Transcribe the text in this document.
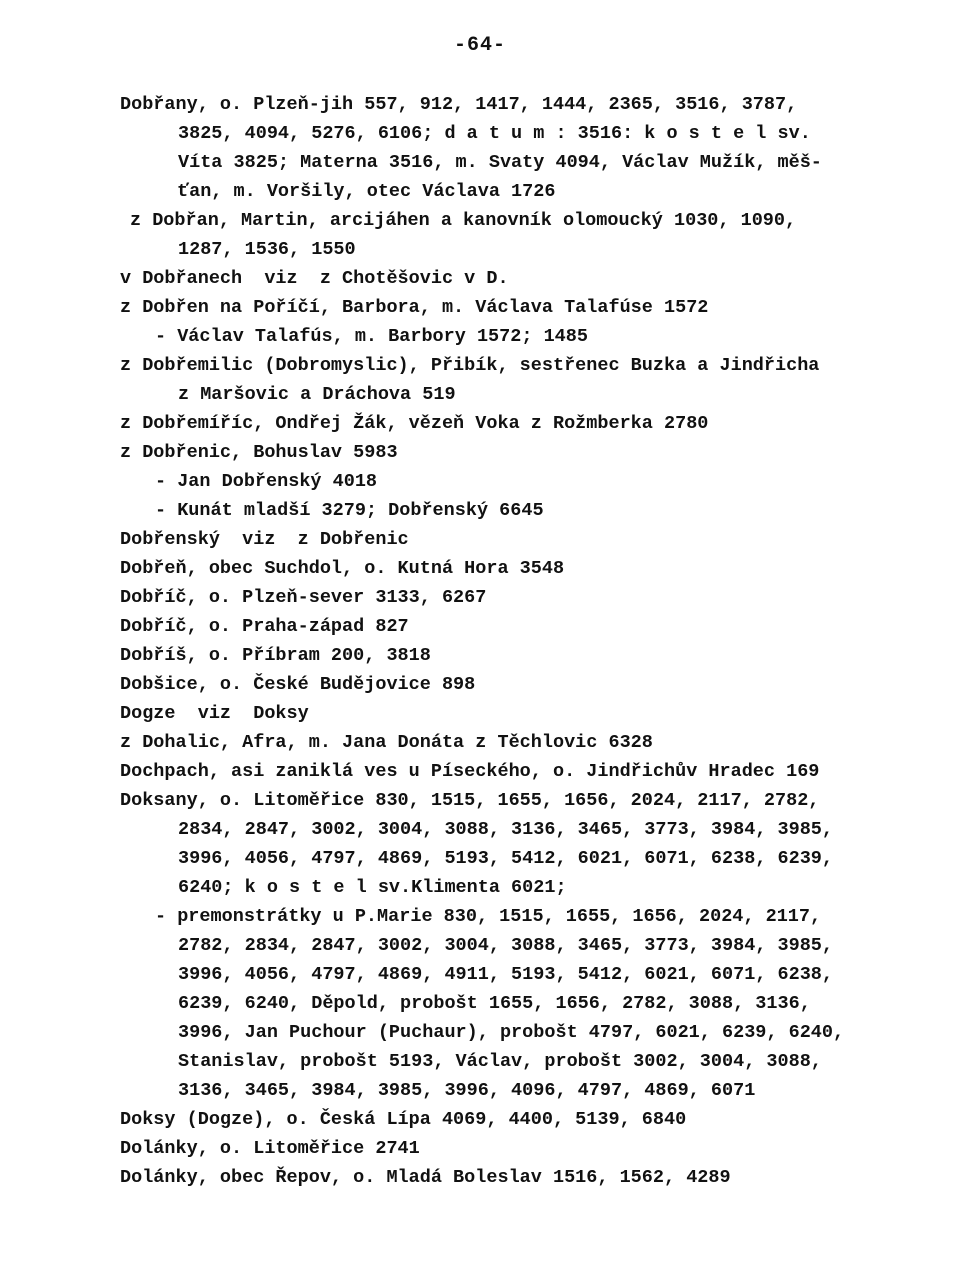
-64-
Dobřany, o. Plzeň-jih 557, 912, 1417, 1444, 2365, 3516, 3787,
3825, 4094, 5276, 6106; d a t u m : 3516: k o s t e l sv.
Víta 3825; Materna 3516, m. Svaty 4094, Václav Mužík, měš-
ťan, m. Voršily, otec Václava 1726
z Dobřan, Martin, arcijáhen a kanovník olomoucký 1030, 1090,
1287, 1536, 1550
v Dobřanech  viz  z Chotěšovic v D.
z Dobřen na Poříčí, Barbora, m. Václava Talafúse 1572
- Václav Talafús, m. Barbory 1572; 1485
z Dobřemilic (Dobromyslic), Přibík, sestřenec Buzka a Jindřicha
z Maršovic a Dráchova 519
z Dobřemíříc, Ondřej Žák, vězeň Voka z Rožmberka 2780
z Dobřenic, Bohuslav 5983
- Jan Dobřenský 4018
- Kunát mladší 3279; Dobřenský 6645
Dobřenský  viz  z Dobřenic
Dobřeň, obec Suchdol, o. Kutná Hora 3548
Dobříč, o. Plzeň-sever 3133, 6267
Dobříč, o. Praha-západ 827
Dobříš, o. Příbram 200, 3818
Dobšice, o. České Budějovice 898
Dogze  viz  Doksy
z Dohalic, Afra, m. Jana Donáta z Těchlovic 6328
Dochpach, asi zaniklá ves u Píseckého, o. Jindřichův Hradec 169
Doksany, o. Litoměřice 830, 1515, 1655, 1656, 2024, 2117, 2782,
2834, 2847, 3002, 3004, 3088, 3136, 3465, 3773, 3984, 3985,
3996, 4056, 4797, 4869, 5193, 5412, 6021, 6071, 6238, 6239,
6240; k o s t e l sv.Klimenta 6021;
- premonstrátky u P.Marie 830, 1515, 1655, 1656, 2024, 2117,
2782, 2834, 2847, 3002, 3004, 3088, 3465, 3773, 3984, 3985,
3996, 4056, 4797, 4869, 4911, 5193, 5412, 6021, 6071, 6238,
6239, 6240, Děpold, probošt 1655, 1656, 2782, 3088, 3136,
3996, Jan Puchour (Puchaur), probošt 4797, 6021, 6239, 6240,
Stanislav, probošt 5193, Václav, probošt 3002, 3004, 3088,
3136, 3465, 3984, 3985, 3996, 4096, 4797, 4869, 6071
Doksy (Dogze), o. Česká Lípa 4069, 4400, 5139, 6840
Dolánky, o. Litoměřice 2741
Dolánky, obec Řepov, o. Mladá Boleslav 1516, 1562, 4289
